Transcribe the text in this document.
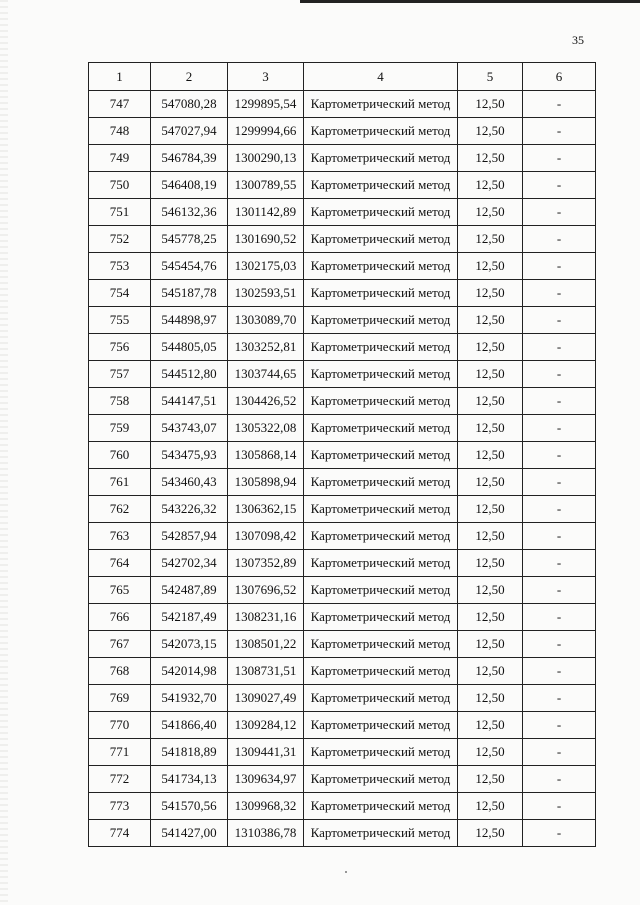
35
1	2	3	4	5	6
747	547080,28	1299895,54	Картометрический метод	12,50	-
748	547027,94	1299994,66	Картометрический метод	12,50	-
749	546784,39	1300290,13	Картометрический метод	12,50	-
750	546408,19	1300789,55	Картометрический метод	12,50	-
751	546132,36	1301142,89	Картометрический метод	12,50	-
752	545778,25	1301690,52	Картометрический метод	12,50	-
753	545454,76	1302175,03	Картометрический метод	12,50	-
754	545187,78	1302593,51	Картометрический метод	12,50	-
755	544898,97	1303089,70	Картометрический метод	12,50	-
756	544805,05	1303252,81	Картометрический метод	12,50	-
757	544512,80	1303744,65	Картометрический метод	12,50	-
758	544147,51	1304426,52	Картометрический метод	12,50	-
759	543743,07	1305322,08	Картометрический метод	12,50	-
760	543475,93	1305868,14	Картометрический метод	12,50	-
761	543460,43	1305898,94	Картометрический метод	12,50	-
762	543226,32	1306362,15	Картометрический метод	12,50	-
763	542857,94	1307098,42	Картометрический метод	12,50	-
764	542702,34	1307352,89	Картометрический метод	12,50	-
765	542487,89	1307696,52	Картометрический метод	12,50	-
766	542187,49	1308231,16	Картометрический метод	12,50	-
767	542073,15	1308501,22	Картометрический метод	12,50	-
768	542014,98	1308731,51	Картометрический метод	12,50	-
769	541932,70	1309027,49	Картометрический метод	12,50	-
770	541866,40	1309284,12	Картометрический метод	12,50	-
771	541818,89	1309441,31	Картометрический метод	12,50	-
772	541734,13	1309634,97	Картометрический метод	12,50	-
773	541570,56	1309968,32	Картометрический метод	12,50	-
774	541427,00	1310386,78	Картометрический метод	12,50	-
